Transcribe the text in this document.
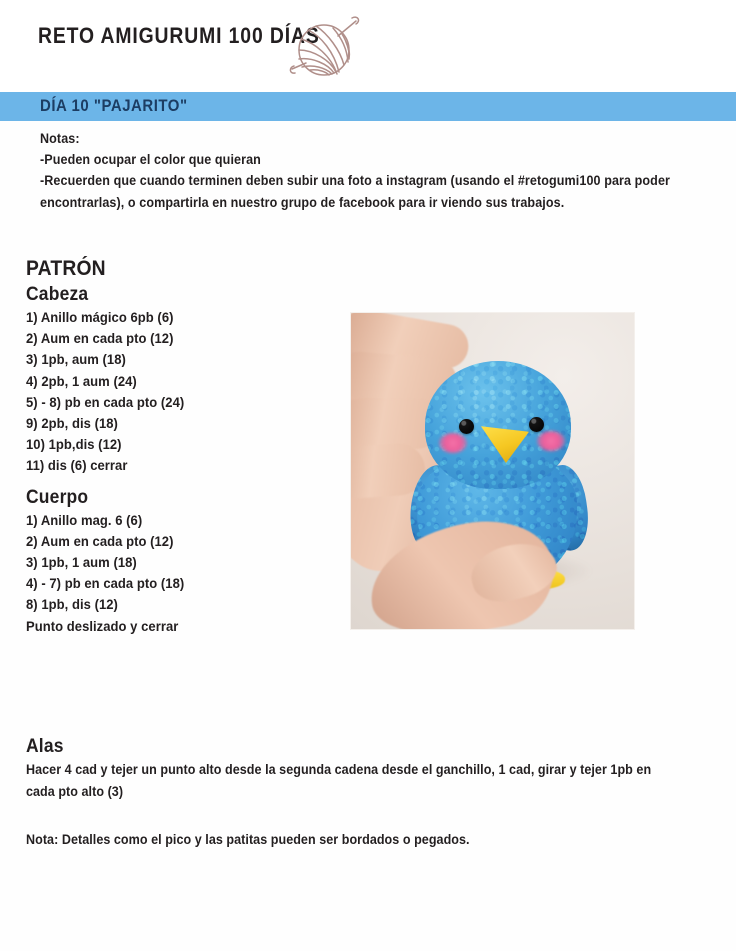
RETO AMIGURUMI 100 DÍAS
DÍA 10 "PAJARITO"
Notas:
-Pueden ocupar el color que quieran
-Recuerden que cuando terminen deben subir una foto a instagram (usando el #retogumi100 para poder encontrarlas), o compartirla en nuestro grupo de facebook para ir viendo sus trabajos.
PATRÓN
Cabeza
1) Anillo mágico 6pb (6)
2) Aum en cada pto (12)
3) 1pb, aum (18)
4) 2pb, 1 aum (24)
5) - 8) pb en cada pto (24)
9) 2pb, dis (18)
10) 1pb,dis (12)
11) dis (6) cerrar
Cuerpo
1) Anillo mag. 6 (6)
2) Aum en cada pto (12)
3) 1pb, 1 aum (18)
4) - 7) pb en cada pto (18)
8) 1pb, dis (12)
Punto deslizado y cerrar
Alas
Hacer 4 cad y tejer un punto alto desde la segunda cadena desde el ganchillo, 1 cad, girar y tejer 1pb en cada pto alto (3)
Nota: Detalles como el pico y las patitas pueden ser bordados o pegados.
